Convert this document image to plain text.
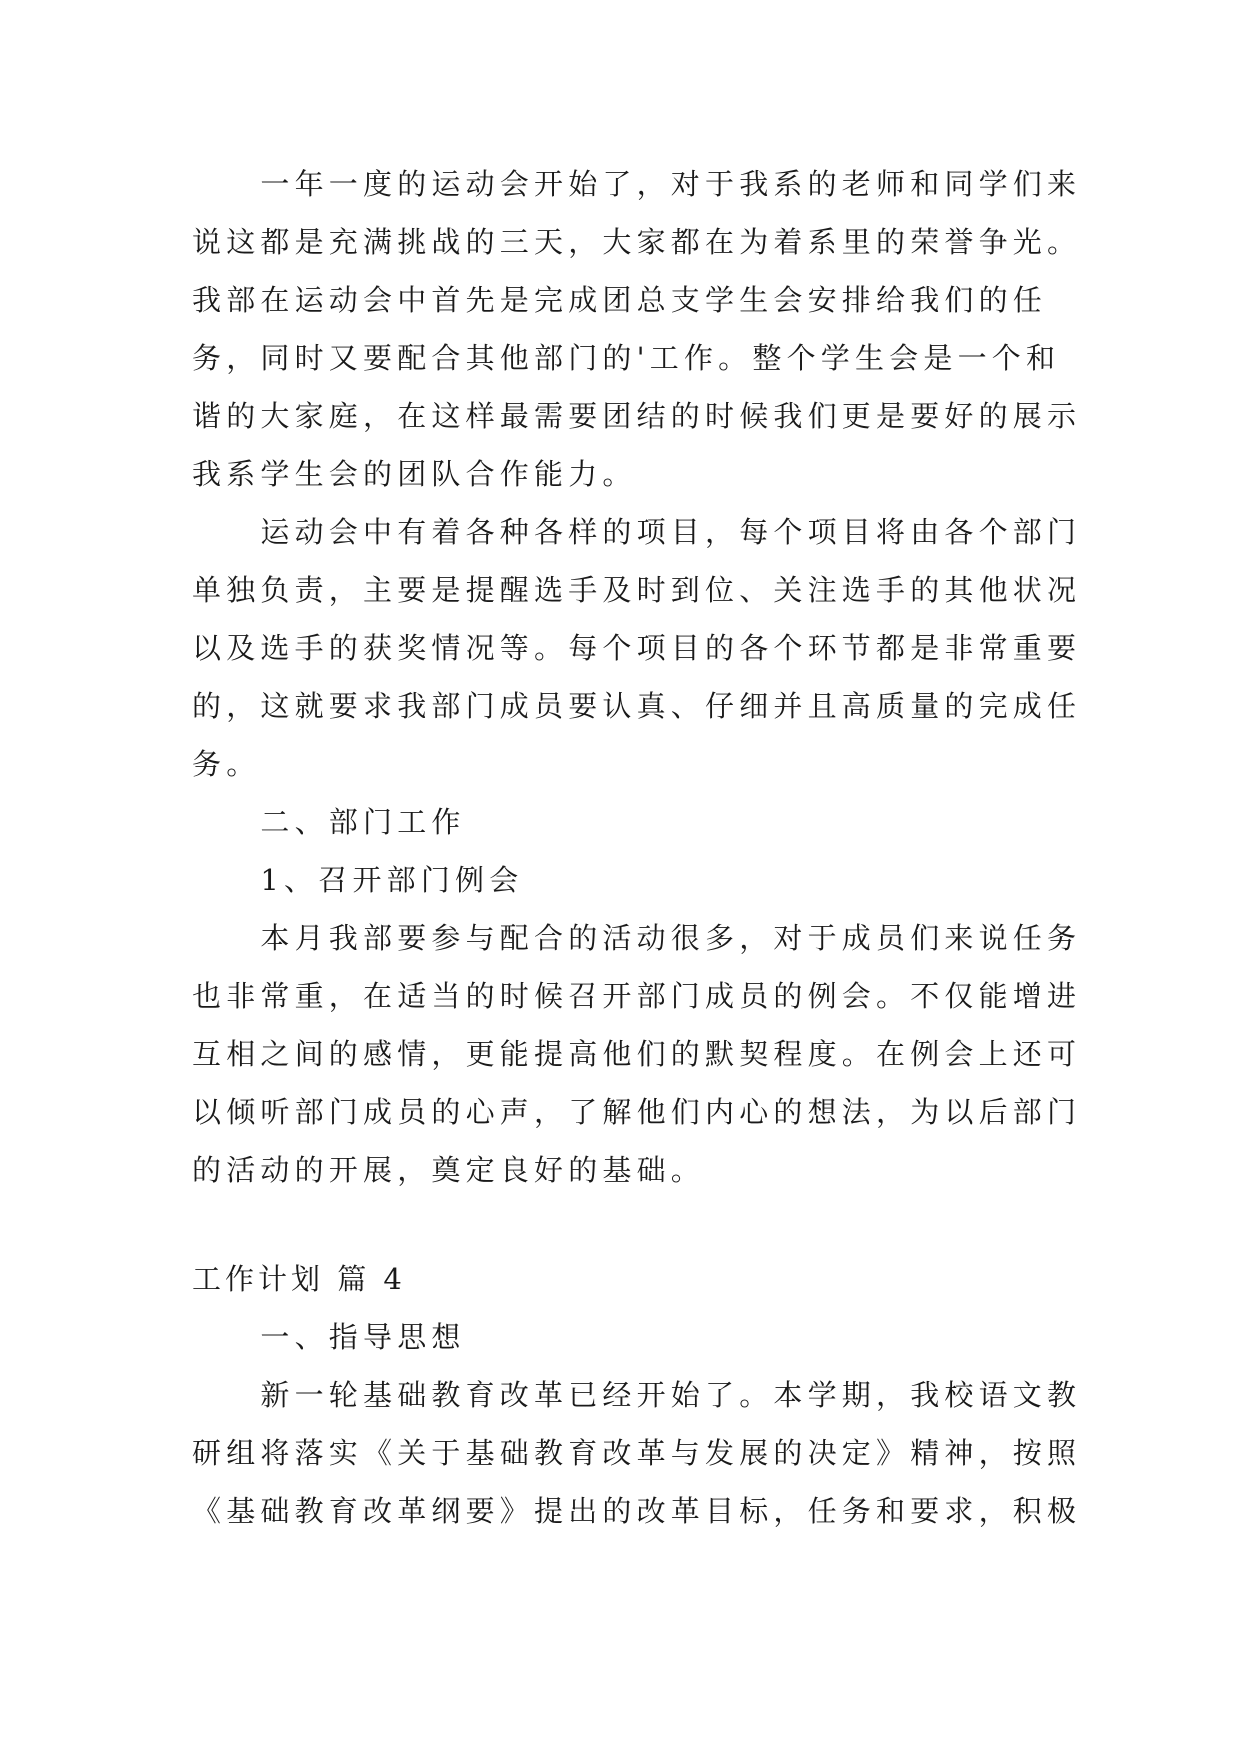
　　一年一度的运动会开始了，对于我系的老师和同学们来
说这都是充满挑战的三天，大家都在为着系里的荣誉争光。
我部在运动会中首先是完成团总支学生会安排给我们的任
务，同时又要配合其他部门的'工作。整个学生会是一个和
谐的大家庭，在这样最需要团结的时候我们更是要好的展示
我系学生会的团队合作能力。
　　运动会中有着各种各样的项目，每个项目将由各个部门
单独负责，主要是提醒选手及时到位、关注选手的其他状况
以及选手的获奖情况等。每个项目的各个环节都是非常重要
的，这就要求我部门成员要认真、仔细并且高质量的完成任
务。
　　二、部门工作
　　1、召开部门例会
　　本月我部要参与配合的活动很多，对于成员们来说任务
也非常重，在适当的时候召开部门成员的例会。不仅能增进
互相之间的感情，更能提高他们的默契程度。在例会上还可
以倾听部门成员的心声，了解他们内心的想法，为以后部门
的活动的开展，奠定良好的基础。
工作计划 篇 4
　　一、指导思想
　　新一轮基础教育改革已经开始了。本学期，我校语文教
研组将落实《关于基础教育改革与发展的决定》精神，按照
《基础教育改革纲要》提出的改革目标，任务和要求，积极
